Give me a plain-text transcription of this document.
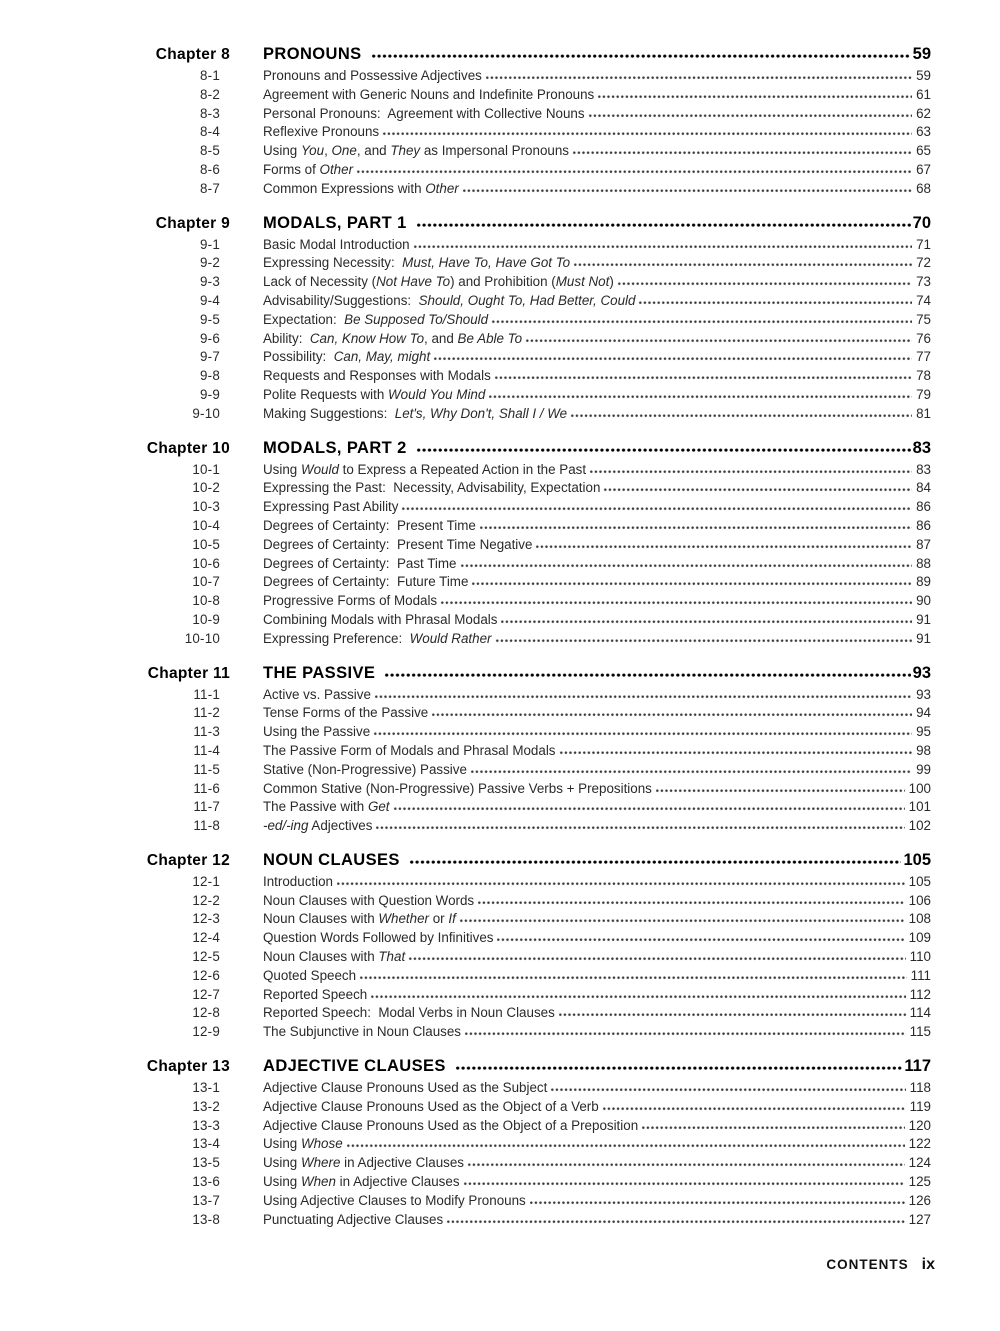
Chapter 8 PRONOUNS	59
8-1	Pronouns and Possessive Adjectives	59
8-2	Agreement with Generic Nouns and Indefinite Pronouns	61
8-3	Personal Pronouns:  Agreement with Collective Nouns	62
8-4	Reflexive Pronouns	63
8-5	Using You, One, and They as Impersonal Pronouns	65
8-6	Forms of Other	67
8-7	Common Expressions with Other	68
Chapter 9 MODALS, PART 1	70
9-1	Basic Modal Introduction	71
9-2	Expressing Necessity:  Must, Have To, Have Got To	72
9-3	Lack of Necessity (Not Have To) and Prohibition (Must Not)	73
9-4	Advisability/Suggestions:  Should, Ought To, Had Better, Could	74
9-5	Expectation:  Be Supposed To/Should	75
9-6	Ability:  Can, Know How To, and Be Able To	76
9-7	Possibility:  Can, May, might	77
9-8	Requests and Responses with Modals	78
9-9	Polite Requests with Would You Mind	79
9-10	Making Suggestions:  Let's, Why Don't, Shall I / We	81
Chapter 10 MODALS, PART 2	83
10-1	Using Would to Express a Repeated Action in the Past	83
10-2	Expressing the Past:  Necessity, Advisability, Expectation	84
10-3	Expressing Past Ability	86
10-4	Degrees of Certainty:  Present Time	86
10-5	Degrees of Certainty:  Present Time Negative	87
10-6	Degrees of Certainty:  Past Time	88
10-7	Degrees of Certainty:  Future Time	89
10-8	Progressive Forms of Modals	90
10-9	Combining Modals with Phrasal Modals	91
10-10	Expressing Preference:  Would Rather	91
Chapter 11 THE PASSIVE	93
11-1	Active vs. Passive	93
11-2	Tense Forms of the Passive	94
11-3	Using the Passive	95
11-4	The Passive Form of Modals and Phrasal Modals	98
11-5	Stative (Non-Progressive) Passive	99
11-6	Common Stative (Non-Progressive) Passive Verbs + Prepositions	100
11-7	The Passive with Get	101
11-8	-ed/-ing Adjectives	102
Chapter 12 NOUN CLAUSES	105
12-1	Introduction	105
12-2	Noun Clauses with Question Words	106
12-3	Noun Clauses with Whether or If	108
12-4	Question Words Followed by Infinitives	109
12-5	Noun Clauses with That	110
12-6	Quoted Speech	111
12-7	Reported Speech	112
12-8	Reported Speech:  Modal Verbs in Noun Clauses	114
12-9	The Subjunctive in Noun Clauses	115
Chapter 13 ADJECTIVE CLAUSES	117
13-1	Adjective Clause Pronouns Used as the Subject	118
13-2	Adjective Clause Pronouns Used as the Object of a Verb	119
13-3	Adjective Clause Pronouns Used as the Object of a Preposition	120
13-4	Using Whose	122
13-5	Using Where in Adjective Clauses	124
13-6	Using When in Adjective Clauses	125
13-7	Using Adjective Clauses to Modify Pronouns	126
13-8	Punctuating Adjective Clauses	127
CONTENTS ix
